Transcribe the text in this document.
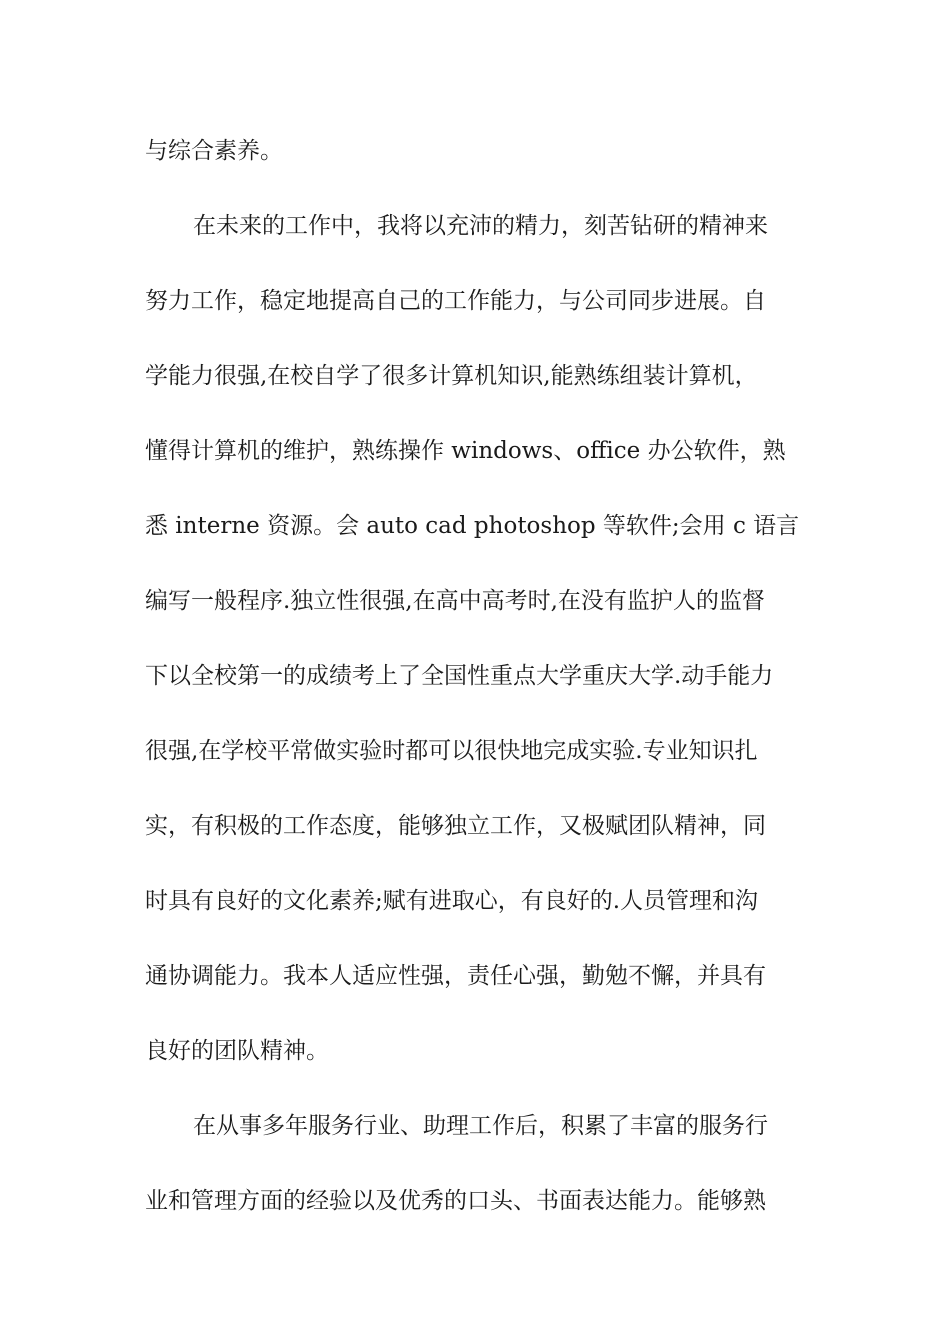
与综合素养。

在未来的工作中，我将以充沛的精力，刻苦钻研的精神来

努力工作，稳定地提高自己的工作能力，与公司同步进展。自

学能力很强,在校自学了很多计算机知识,能熟练组装计算机，

懂得计算机的维护，熟练操作 windows、office 办公软件，熟

悉 interne 资源。会 auto cad photoshop 等软件;会用 c 语言

编写一般程序.独立性很强,在高中高考时,在没有监护人的监督

下以全校第一的成绩考上了全国性重点大学重庆大学.动手能力

很强,在学校平常做实验时都可以很快地完成实验.专业知识扎

实，有积极的工作态度，能够独立工作，又极赋团队精神，同

时具有良好的文化素养;赋有进取心，有良好的.人员管理和沟

通协调能力。我本人适应性强，责任心强，勤勉不懈，并具有

良好的团队精神。

在从事多年服务行业、助理工作后，积累了丰富的服务行

业和管理方面的经验以及优秀的口头、书面表达能力。能够熟
